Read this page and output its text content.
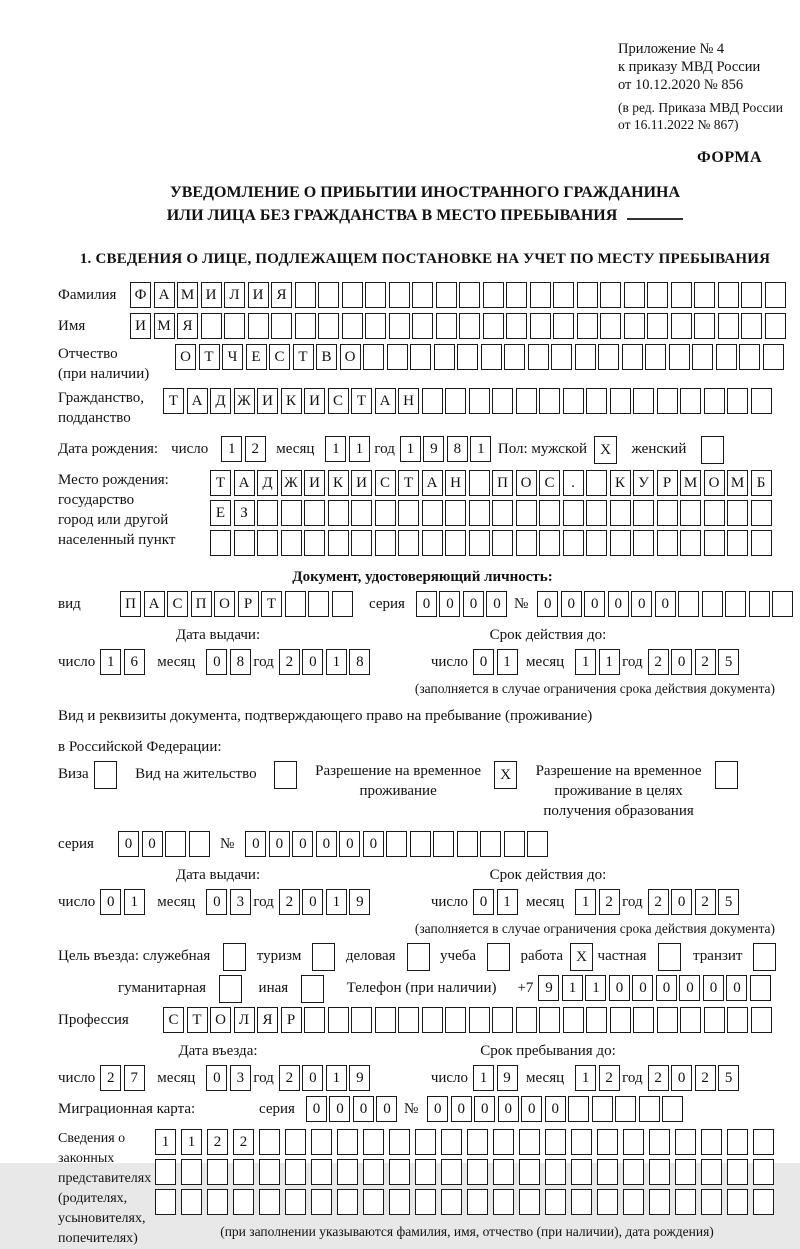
Приложение № 4
к приказу МВД России
от 10.12.2020 № 856
(в ред. Приказа МВД России
от 16.11.2022 № 867)
ФОРМА
УВЕДОМЛЕНИЕ О ПРИБЫТИИ ИНОСТРАННОГО ГРАЖДАНИНА
ИЛИ ЛИЦА БЕЗ ГРАЖДАНСТВА В МЕСТО ПРЕБЫВАНИЯ
1. СВЕДЕНИЯ О ЛИЦЕ, ПОДЛЕЖАЩЕМ ПОСТАНОВКЕ НА УЧЕТ ПО МЕСТУ ПРЕБЫВАНИЯ
Фамилия	Ф А М И Л И Я
Имя	И М Я
Отчество
(при наличии)
О Т Ч Е С Т В О
Гражданство,
подданство
Т А Д Ж И К И С Т А Н
Дата рождения: число	1	2	месяц	1	1 год 1	9	8	1 Пол: мужской X	женский
Место рождения:
государство
город или другой
населенный пункт
Т А Д Ж И К И С Т А Н	П О С	.	К У Р М О М Б
Е	З
Документ, удостоверяющий личность:
вид	П А С П О Р Т	серия	0	0	0	0 №	0	0	0	0	0	0
Дата выдачи:	Срок действия до:
число 1	6	месяц	0	8 год 2	0	1	8	число 0	1	месяц	1	1 год 2	0	2	5
(заполняется в случае ограничения срока действия документа)
Вид и реквизиты документа, подтверждающего право на пребывание (проживание)
в Российской Федерации:
Виза	Вид на жительство	Разрешение на временное
проживание
X	Разрешение на временное
проживание в целях
получения образования
серия	0	0	№	0	0	0	0	0	0
Дата выдачи:	Срок действия до:
число 0	1	месяц	0	3 год 2	0	1	9	число 0	1	месяц	1	2 год 2	0	2	5
(заполняется в случае ограничения срока действия документа)
Цель въезда: служебная	туризм	деловая	учеба	работа X частная	транзит
гуманитарная	иная	Телефон (при наличии) +7 9	1	1	0	0	0	0	0	0
Профессия	С Т О Л Я Р
Дата въезда:	Срок пребывания до:
число 2	7	месяц	0	3 год 2	0	1	9	число 1	9	месяц	1	2 год 2	0	2	5
Миграционная карта:	серия	0	0	0	0 №	0	0	0	0	0	0
Сведения о
законных
представителях
(родителях,
усыновителях,
попечителях)
1	1	2	2
(при заполнении указываются фамилия, имя, отчество (при наличии), дата рождения)
